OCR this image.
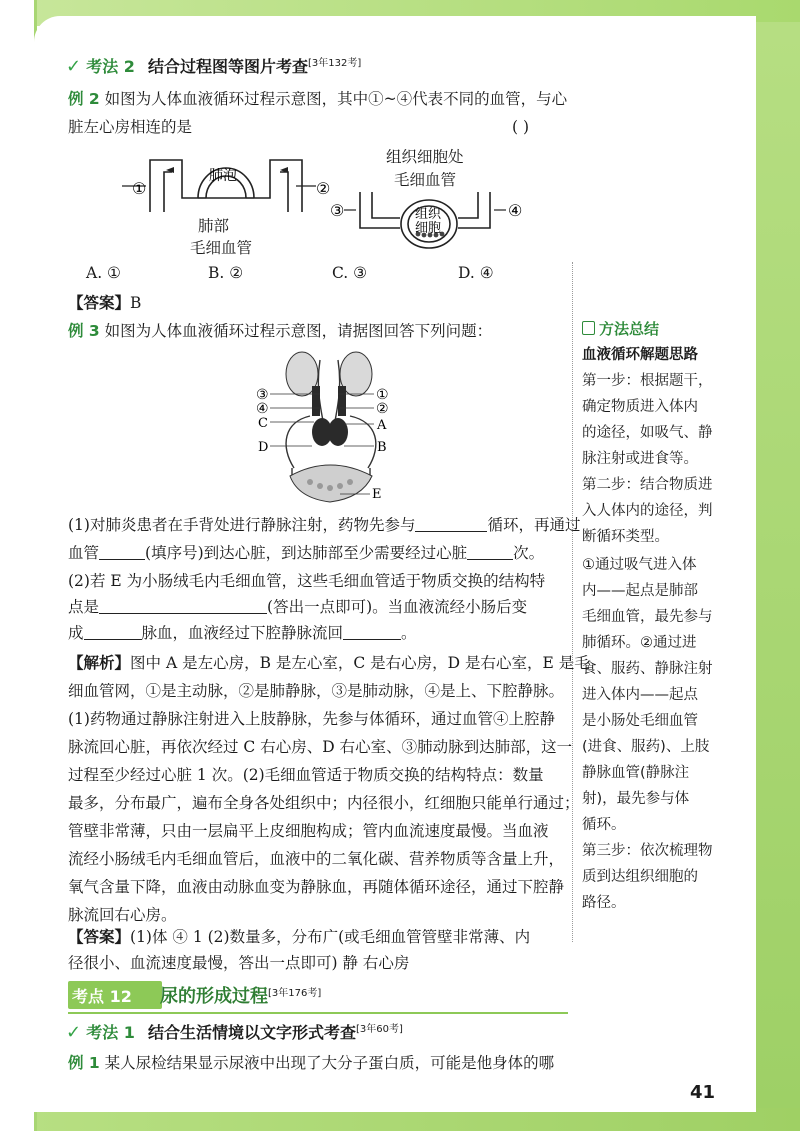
✓ 考法 2 结合过程图等图片考查[3年132考]
例 2 如图为人体血液循环过程示意图，其中①~④代表不同的血管，与心
脏左心房相连的是	( )
①	②
肺泡
肺部
毛细血管
组织细胞处
毛细血管
③	④
组织
细胞
A. ①	B. ②	C. ③	D. ④
【答案】B
例 3 如图为人体血液循环过程示意图，请据图回答下列问题：
③
④
C
D
①
②
A
B
E
(1)对肺炎患者在手背处进行静脉注射，药物先参与	循环，再通过
血管	(填序号)到达心脏，到达肺部至少需要经过心脏	次。
(2)若 E 为小肠绒毛内毛细血管，这些毛细血管适于物质交换的结构特
点是	(答出一点即可)。当血液流经小肠后变
成	脉血，血液经过下腔静脉流回	。
【解析】图中 A 是左心房，B 是左心室，C 是右心房，D 是右心室，E 是毛
细血管网，①是主动脉，②是肺静脉，③是肺动脉，④是上、下腔静脉。
(1)药物通过静脉注射进入上肢静脉，先参与体循环，通过血管④上腔静
脉流回心脏，再依次经过 C 右心房、D 右心室、③肺动脉到达肺部，这一
过程至少经过心脏 1 次。(2)毛细血管适于物质交换的结构特点：数量
最多，分布最广，遍布全身各处组织中；内径很小，红细胞只能单行通过；
管壁非常薄，只由一层扁平上皮细胞构成；管内血流速度最慢。当血液
流经小肠绒毛内毛细血管后，血液中的二氧化碳、营养物质等含量上升，
氧气含量下降，血液由动脉血变为静脉血，再随体循环途径，通过下腔静
脉流回右心房。
【答案】(1)体 ④ 1 (2)数量多，分布广(或毛细血管管壁非常薄、内
径很小、血流速度最慢，答出一点即可) 静 右心房
考点 12 尿的形成过程[3年176考]
✓ 考法 1 结合生活情境以文字形式考查[3年60考]
例 1 某人尿检结果显示尿液中出现了大分子蛋白质，可能是他身体的哪
方法总结
血液循环解题思路
第一步：根据题干，
确定物质进入体内
的途径，如吸气、静
脉注射或进食等。
第二步：结合物质进
入人体内的途径，判
断循环类型。
①通过吸气进入体
内——起点是肺部
毛细血管，最先参与
肺循环。②通过进
食、服药、静脉注射
进入体内——起点
是小肠处毛细血管
(进食、服药)、上肢
静脉血管(静脉注
射)，最先参与体
循环。
第三步：依次梳理物
质到达组织细胞的
路径。
41
